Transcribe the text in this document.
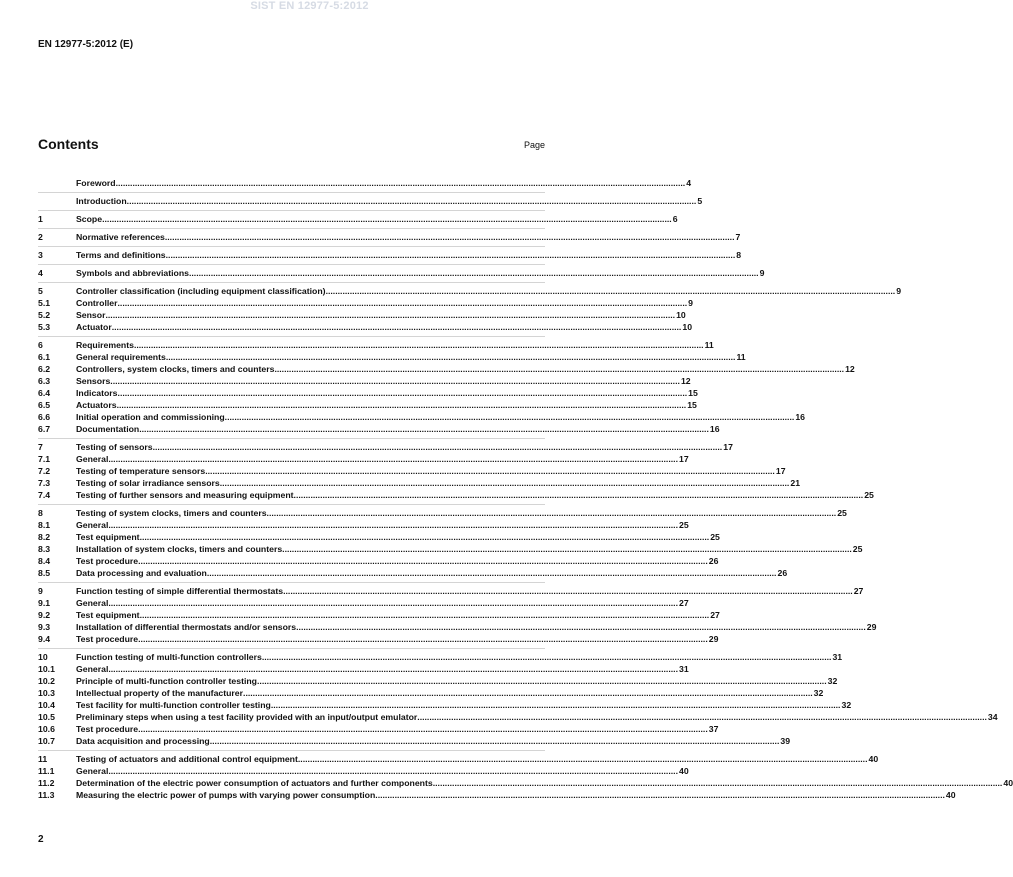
SIST EN 12977-5:2012
EN 12977-5:2012 (E)
Contents	Page
Foreword .....	4
Introduction .....	5
1	Scope .....	6
2	Normative references .....	7
3	Terms and definitions .....	8
4	Symbols and abbreviations .....	9
5	Controller classification (including equipment classification) .....	9
5.1	Controller .....	9
5.2	Sensor .....	10
5.3	Actuator .....	10
6	Requirements .....	11
6.1	General requirements .....	11
6.2	Controllers, system clocks, timers and counters .....	12
6.3	Sensors .....	12
6.4	Indicators .....	15
6.5	Actuators .....	15
6.6	Initial operation and commissioning .....	16
6.7	Documentation .....	16
7	Testing of sensors .....	17
7.1	General .....	17
7.2	Testing of temperature sensors .....	17
7.3	Testing of solar irradiance sensors .....	21
7.4	Testing of further sensors and measuring equipment .....	25
8	Testing of system clocks, timers and counters .....	25
8.1	General .....	25
8.2	Test equipment .....	25
8.3	Installation of system clocks, timers and counters .....	25
8.4	Test procedure .....	26
8.5	Data processing and evaluation .....	26
9	Function testing of simple differential thermostats .....	27
9.1	General .....	27
9.2	Test equipment .....	27
9.3	Installation of differential thermostats and/or sensors .....	29
9.4	Test procedure .....	29
10	Function testing of multi-function controllers .....	31
10.1	General .....	31
10.2	Principle of multi-function controller testing .....	32
10.3	Intellectual property of the manufacturer .....	32
10.4	Test facility for multi-function controller testing .....	32
10.5	Preliminary steps when using a test facility provided with an input/output emulator .....	34
10.6	Test procedure .....	37
10.7	Data acquisition and processing .....	39
11	Testing of actuators and additional control equipment .....	40
11.1	General .....	40
11.2	Determination of the electric power consumption of actuators and further components .....	40
11.3	Measuring the electric power of pumps with varying power consumption .....	40
2
